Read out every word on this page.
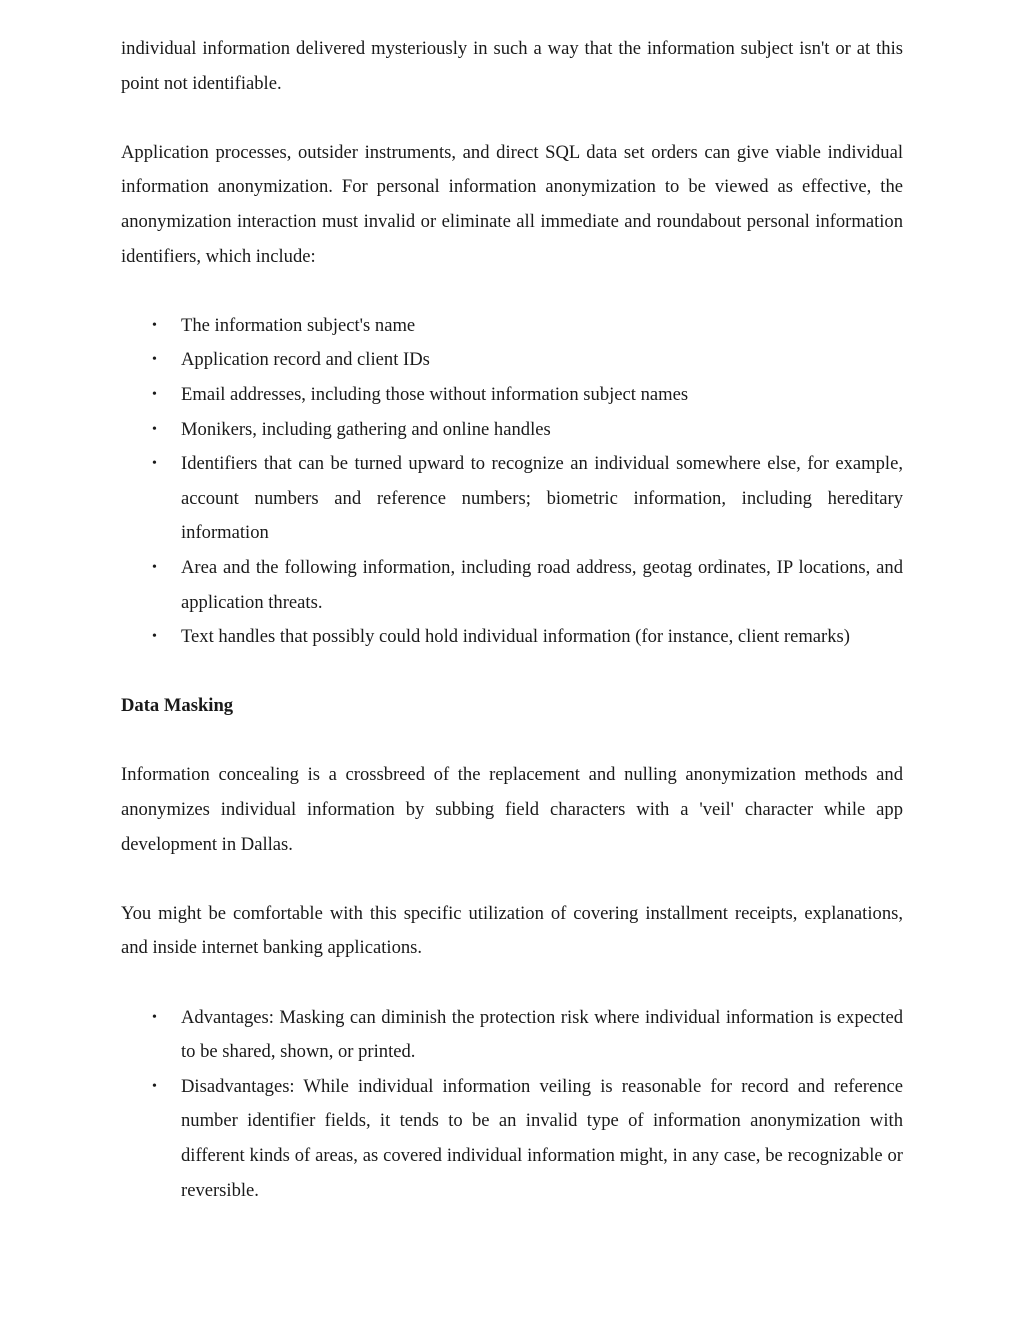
individual information delivered mysteriously in such a way that the information subject isn't or at this point not identifiable.

Application processes, outsider instruments, and direct SQL data set orders can give viable individual information anonymization. For personal information anonymization to be viewed as effective, the anonymization interaction must invalid or eliminate all immediate and roundabout personal information identifiers, which include:

• The information subject's name
• Application record and client IDs
• Email addresses, including those without information subject names
• Monikers, including gathering and online handles
• Identifiers that can be turned upward to recognize an individual somewhere else, for example, account numbers and reference numbers; biometric information, including hereditary information
• Area and the following information, including road address, geotag ordinates, IP locations, and application threats.
• Text handles that possibly could hold individual information (for instance, client remarks)

Data Masking

Information concealing is a crossbreed of the replacement and nulling anonymization methods and anonymizes individual information by subbing field characters with a 'veil' character while app development in Dallas.

You might be comfortable with this specific utilization of covering installment receipts, explanations, and inside internet banking applications.

• Advantages: Masking can diminish the protection risk where individual information is expected to be shared, shown, or printed.
• Disadvantages: While individual information veiling is reasonable for record and reference number identifier fields, it tends to be an invalid type of information anonymization with different kinds of areas, as covered individual information might, in any case, be recognizable or reversible.
